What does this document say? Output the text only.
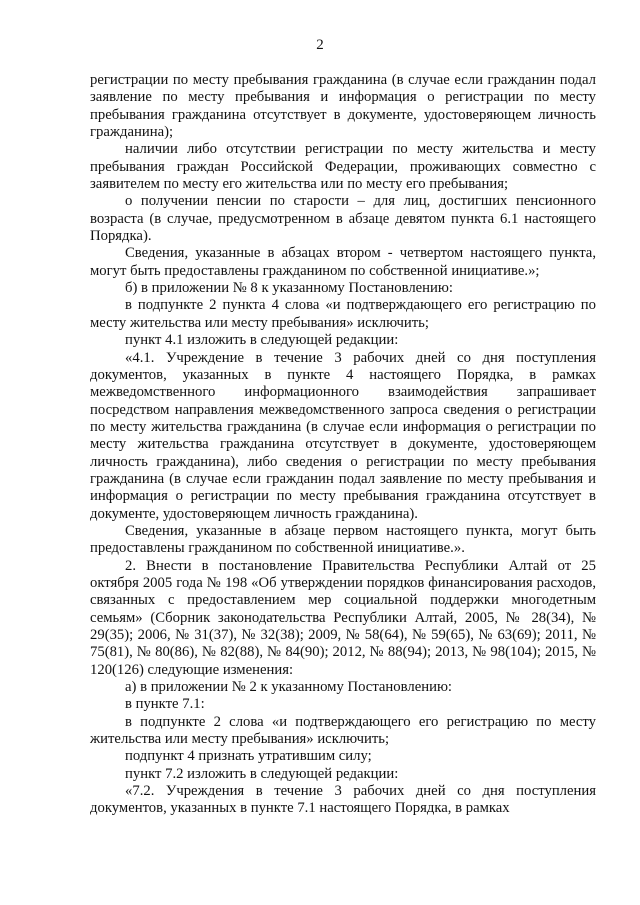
2

регистрации по месту пребывания гражданина (в случае если гражданин подал заявление по месту пребывания и информация о регистрации по месту пребывания гражданина отсутствует в документе, удостоверяющем личность гражданина);

наличии либо отсутствии регистрации по месту жительства и месту пребывания граждан Российской Федерации, проживающих совместно с заявителем по месту его жительства или по месту его пребывания;

о получении пенсии по старости – для лиц, достигших пенсионного возраста (в случае, предусмотренном в абзаце девятом пункта 6.1 настоящего Порядка).

Сведения, указанные в абзацах втором - четвертом настоящего пункта, могут быть предоставлены гражданином по собственной инициативе.»;

б) в приложении № 8 к указанному Постановлению:

в подпункте 2 пункта 4 слова «и подтверждающего его регистрацию по месту жительства или месту пребывания» исключить;

пункт 4.1 изложить в следующей редакции:

«4.1. Учреждение в течение 3 рабочих дней со дня поступления документов, указанных в пункте 4 настоящего Порядка, в рамках межведомственного информационного взаимодействия запрашивает посредством направления межведомственного запроса сведения о регистрации по месту жительства гражданина (в случае если информация о регистрации по месту жительства гражданина отсутствует в документе, удостоверяющем личность гражданина), либо сведения о регистрации по месту пребывания гражданина (в случае если гражданин подал заявление по месту пребывания и информация о регистрации по месту пребывания гражданина отсутствует в документе, удостоверяющем личность гражданина).

Сведения, указанные в абзаце первом настоящего пункта, могут быть предоставлены гражданином по собственной инициативе.».

2. Внести в постановление Правительства Республики Алтай от 25 октября 2005 года № 198 «Об утверждении порядков финансирования расходов, связанных с предоставлением мер социальной поддержки многодетным семьям» (Сборник законодательства Республики Алтай, 2005, № 28(34), № 29(35); 2006, № 31(37), № 32(38); 2009, № 58(64), № 59(65), № 63(69); 2011, № 75(81), № 80(86), № 82(88), № 84(90); 2012, № 88(94); 2013, № 98(104); 2015, № 120(126) следующие изменения:

а) в приложении № 2 к указанному Постановлению:

в пункте 7.1:

в подпункте 2 слова «и подтверждающего его регистрацию по месту жительства или месту пребывания» исключить;

подпункт 4 признать утратившим силу;

пункт 7.2 изложить в следующей редакции:

«7.2. Учреждения в течение 3 рабочих дней со дня поступления документов, указанных в пункте 7.1 настоящего Порядка, в рамках
